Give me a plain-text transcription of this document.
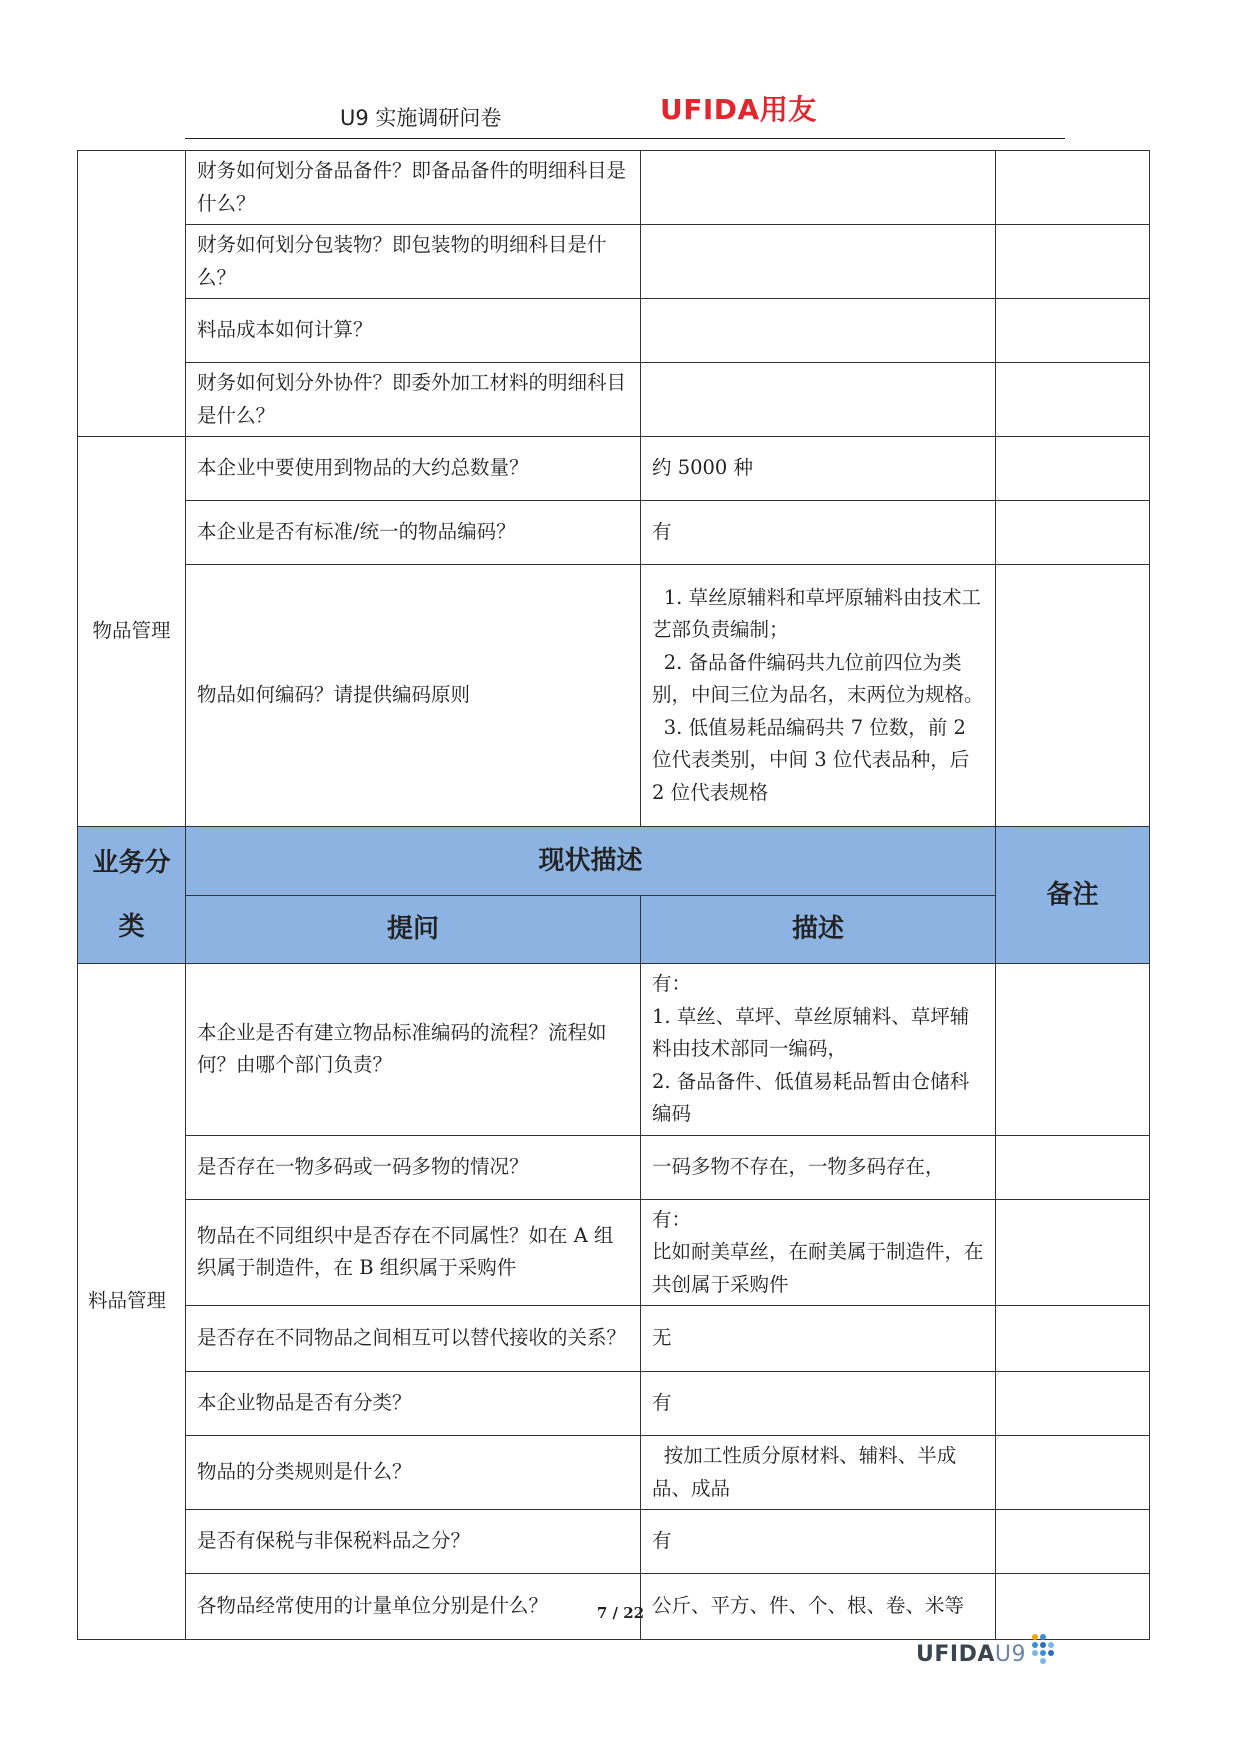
U9 实施调研问卷	UFIDA用友
	财务如何划分备品备件？即备品备件的明细科目是什么？		
	财务如何划分包装物？即包装物的明细科目是什么？		
	料品成本如何计算？		
	财务如何划分外协件？即委外加工材料的明细科目是什么？		
物品管理	本企业中要使用到物品的大约总数量？	约 5000 种	
	本企业是否有标准/统一的物品编码？	有	
	物品如何编码？请提供编码原则	1. 草丝原辅料和草坪原辅料由技术工艺部负责编制；
2. 备品备件编码共九位前四位为类别，中间三位为品名，末两位为规格。
3. 低值易耗品编码共 7 位数，前 2 位代表类别，中间 3 位代表品种，后 2 位代表规格	

业务分类	现状描述		备注
	提问	描述	
料品管理	本企业是否有建立物品标准编码的流程？流程如何？由哪个部门负责？	有：
1. 草丝、草坪、草丝原辅料、草坪辅料由技术部同一编码，
2. 备品备件、低值易耗品暂由仓储科编码	

	是否存在一物多码或一码多物的情况？	一码多物不存在，一物多码存在，	
	物品在不同组织中是否存在不同属性？如在 A 组织属于制造件，在 B 组织属于采购件	有：
比如耐美草丝，在耐美属于制造件，在共创属于采购件	

	是否存在不同物品之间相互可以替代接收的关系？	无	
	本企业物品是否有分类？	有	
	物品的分类规则是什么？	按加工性质分原材料、辅料、半成品、成品	
	是否有保税与非保税料品之分？	有	
	各物品经常使用的计量单位分别是什么？	公斤、平方、件、个、根、卷、米等	
7 / 22
UFIDAU9
